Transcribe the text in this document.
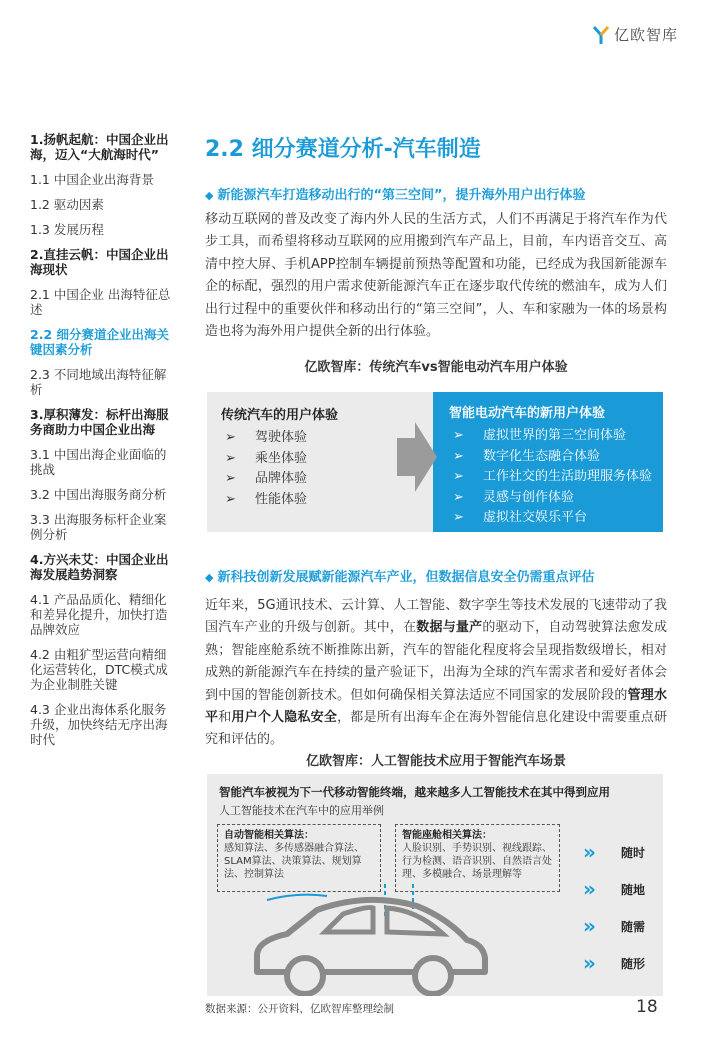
亿欧智库
1.扬帆起航：中国企业出海，迈入“大航海时代”
1.1 中国企业出海背景
1.2 驱动因素
1.3 发展历程
2.直挂云帆：中国企业出海现状
2.1 中国企业 出海特征总述
2.2 细分赛道企业出海关键因素分析
2.3 不同地域出海特征解析
3.厚积薄发：标杆出海服务商助力中国企业出海
3.1 中国出海企业面临的挑战
3.2 中国出海服务商分析
3.3 出海服务标杆企业案例分析
4.方兴未艾：中国企业出海发展趋势洞察
4.1 产品品质化、精细化和差异化提升，加快打造品牌效应
4.2 由粗犷型运营向精细化运营转化，DTC模式成为企业制胜关键
4.3 企业出海体系化服务升级，加快终结无序出海时代
2.2 细分赛道分析-汽车制造
◆ 新能源汽车打造移动出行的“第三空间”，提升海外用户出行体验
移动互联网的普及改变了海内外人民的生活方式，人们不再满足于将汽车作为代步工具，而希望将移动互联网的应用搬到汽车产品上，目前，车内语音交互、高清中控大屏、手机APP控制车辆提前预热等配置和功能，已经成为我国新能源车企的标配，强烈的用户需求使新能源汽车正在逐步取代传统的燃油车，成为人们出行过程中的重要伙伴和移动出行的“第三空间”，人、车和家融为一体的场景构造也将为海外用户提供全新的出行体验。
亿欧智库：传统汽车vs智能电动汽车用户体验
传统汽车的用户体验
➢ 驾驶体验
➢ 乘坐体验
➢ 品牌体验
➢ 性能体验
智能电动汽车的新用户体验
➢ 虚拟世界的第三空间体验
➢ 数字化生态融合体验
➢ 工作社交的生活助理服务体验
➢ 灵感与创作体验
➢ 虚拟社交娱乐平台
◆ 新科技创新发展赋新能源汽车产业，但数据信息安全仍需重点评估
近年来，5G通讯技术、云计算、人工智能、数字孪生等技术发展的飞速带动了我国汽车产业的升级与创新。其中，在数据与量产的驱动下，自动驾驶算法愈发成熟；智能座舱系统不断推陈出新，汽车的智能化程度将会呈现指数级增长，相对成熟的新能源汽车在持续的量产验证下，出海为全球的汽车需求者和爱好者体会到中国的智能创新技术。但如何确保相关算法适应不同国家的发展阶段的管理水平和用户个人隐私安全，都是所有出海车企在海外智能信息化建设中需要重点研究和评估的。
亿欧智库：人工智能技术应用于智能汽车场景
智能汽车被视为下一代移动智能终端，越来越多人工智能技术在其中得到应用
人工智能技术在汽车中的应用举例
自动智能相关算法：
感知算法、多传感器融合算法、SLAM算法、决策算法、规划算法、控制算法
智能座舱相关算法：
人脸识别、手势识别、视线跟踪、行为检测、语音识别、自然语言处理、多模融合、场景理解等
»	随时
»	随地
»	随需
»	随形
数据来源：公开资料，亿欧智库整理绘制	18
